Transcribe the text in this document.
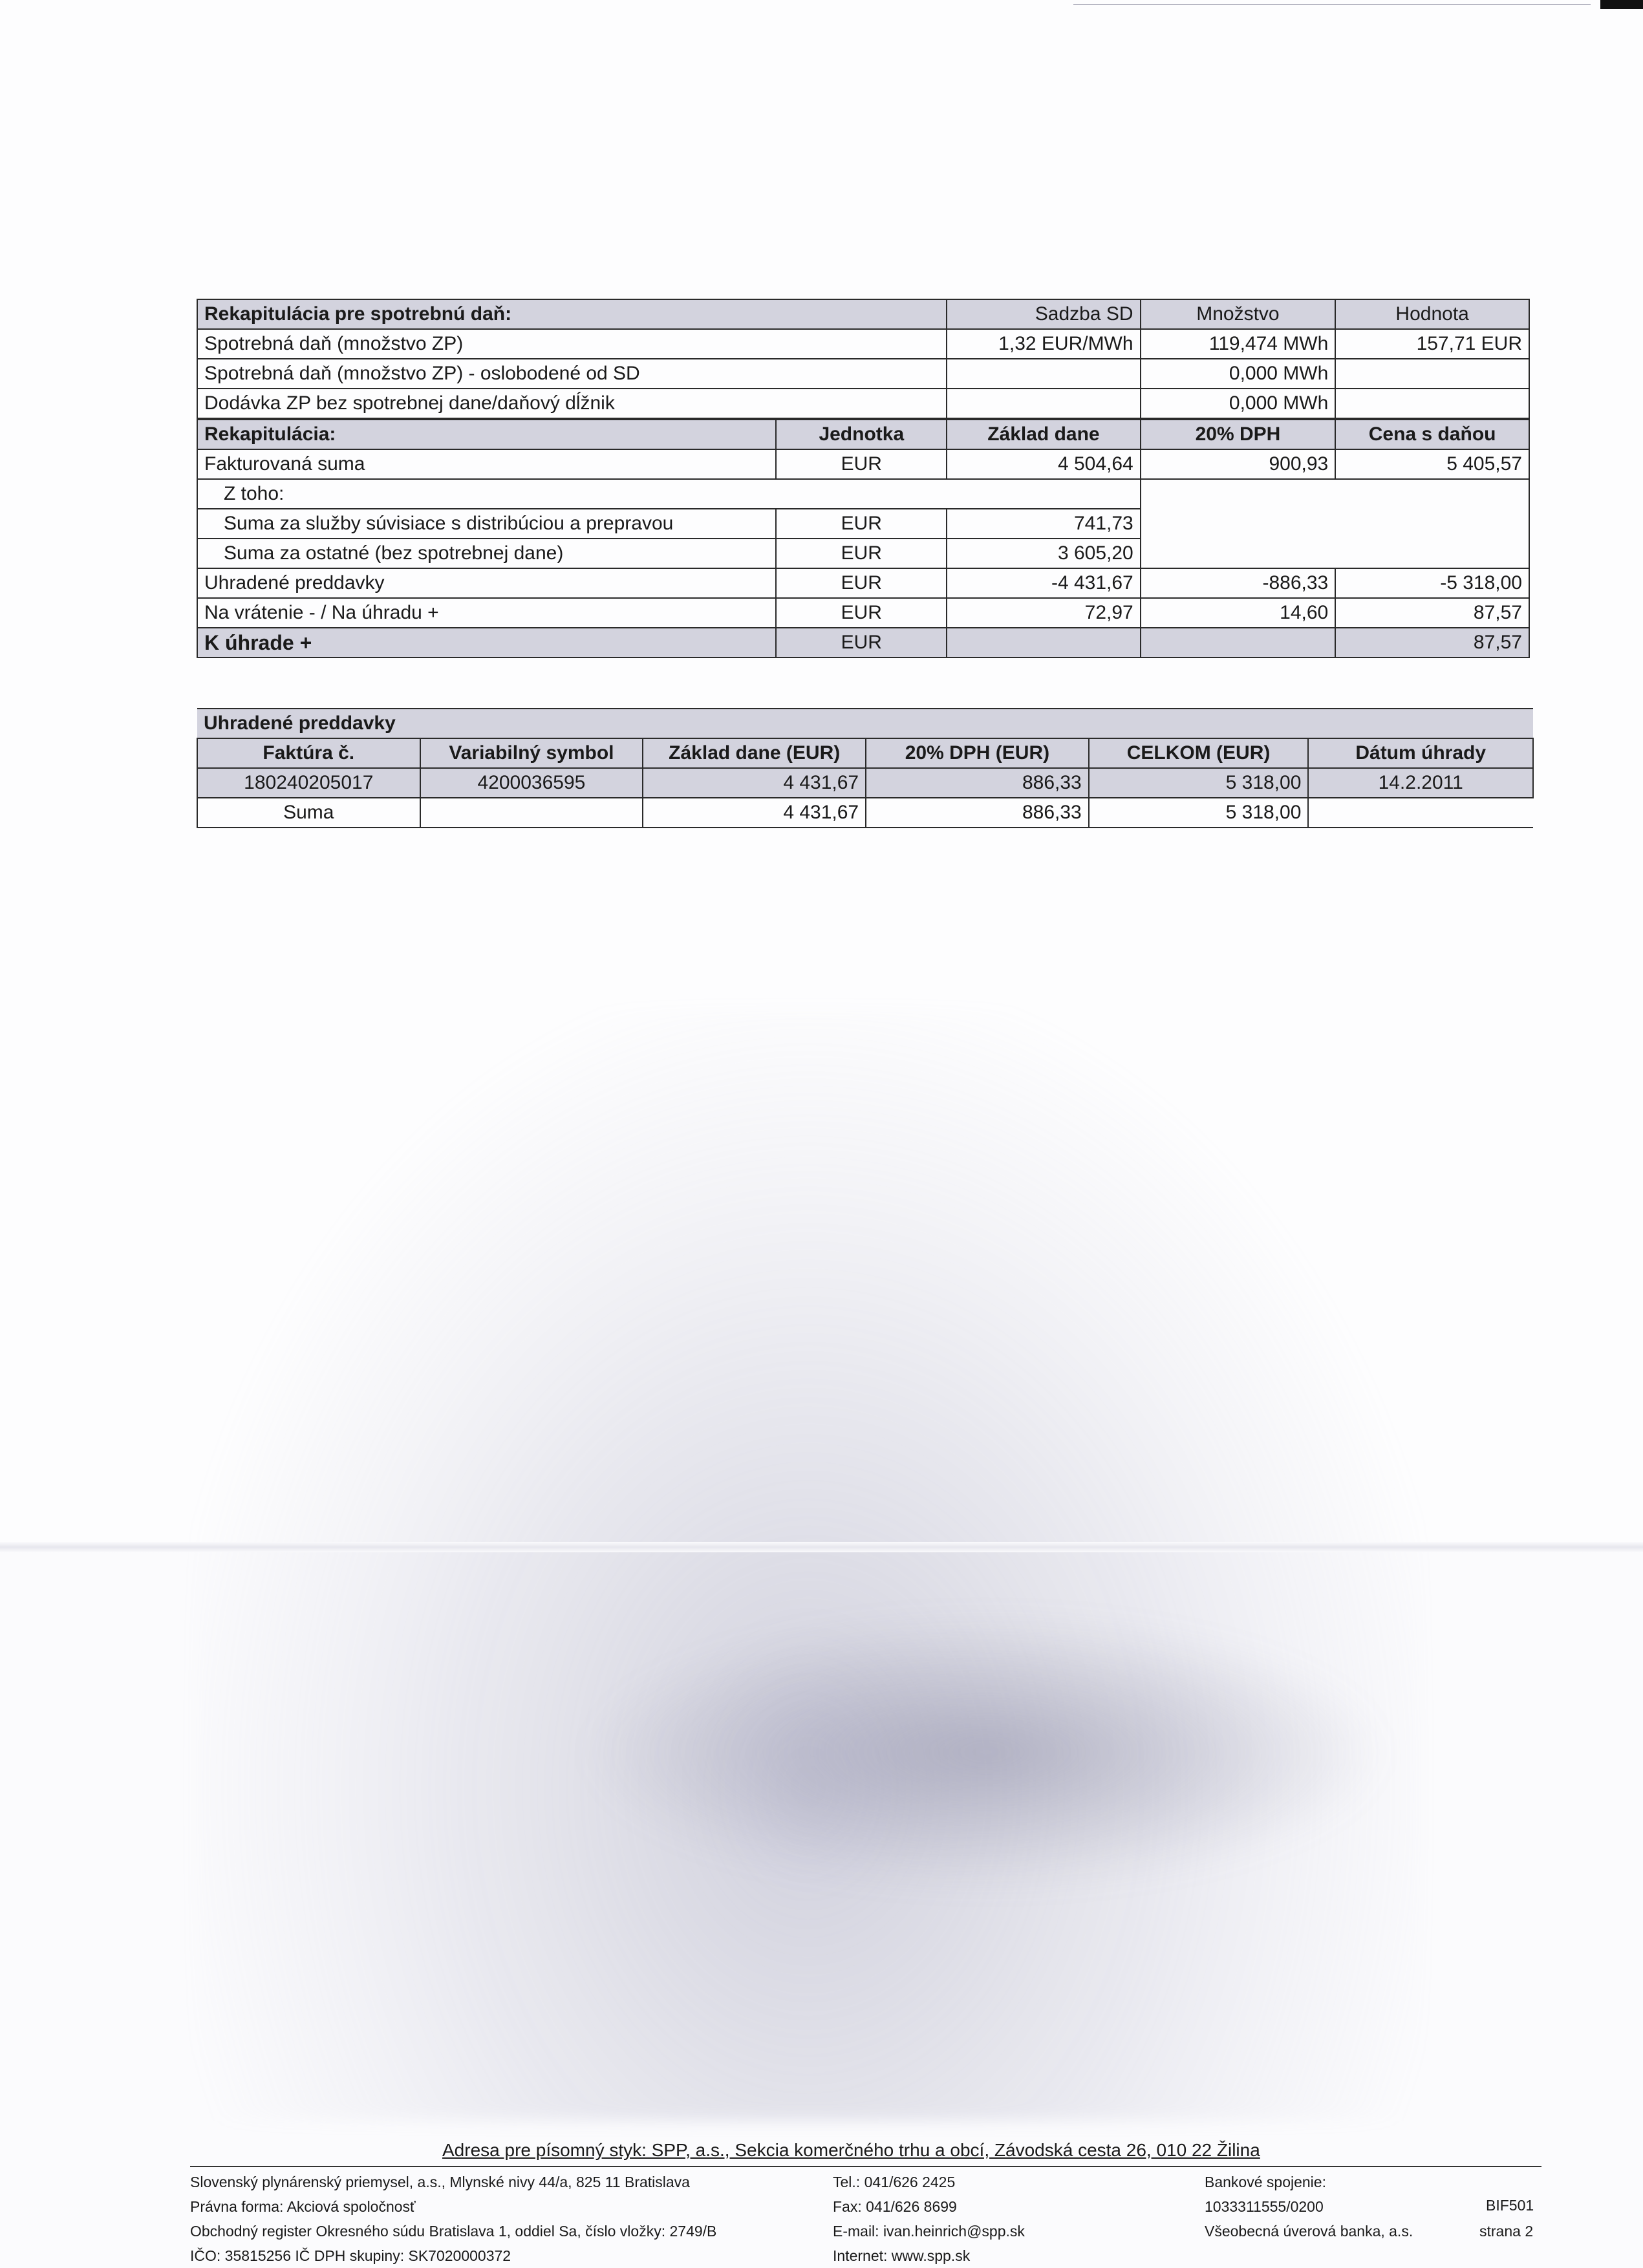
Rekapitulácia pre spotrebnú daň:	Sadzba SD	Množstvo	Hodnota
Spotrebná daň (množstvo ZP)	1,32 EUR/MWh	119,474 MWh	157,71 EUR
Spotrebná daň (množstvo ZP) - oslobodené od SD		0,000 MWh	
Dodávka ZP bez spotrebnej dane/daňový dĺžnik		0,000 MWh	
Rekapitulácia:	Jednotka	Základ dane	20% DPH	Cena s daňou
Fakturovaná suma	EUR	4 504,64	900,93	5 405,57
Z toho:				
Suma za služby súvisiace s distribúciou a prepravou	EUR	741,73		
Suma za ostatné (bez spotrebnej dane)	EUR	3 605,20		
Uhradené preddavky	EUR	-4 431,67	-886,33	-5 318,00
Na vrátenie - / Na úhradu +	EUR	72,97	14,60	87,57
K úhrade +	EUR			87,57
Uhradené preddavky					
Faktúra č.	Variabilný symbol	Základ dane (EUR)	20% DPH (EUR)	CELKOM (EUR)	Dátum úhrady
180240205017	4200036595	4 431,67	886,33	5 318,00	14.2.2011
Suma		4 431,67	886,33	5 318,00	
Adresa pre písomný styk: SPP, a.s., Sekcia komerčného trhu a obcí, Závodská cesta 26, 010 22 Žilina
Slovenský plynárenský priemysel, a.s., Mlynské nivy 44/a, 825 11 Bratislava
Právna forma: Akciová spoločnosť
Obchodný register Okresného súdu Bratislava 1, oddiel Sa, číslo vložky: 2749/B
IČO: 35815256 IČ DPH skupiny: SK7020000372
Tel.: 041/626 2425
Fax: 041/626 8699
E-mail: ivan.heinrich@spp.sk
Internet: www.spp.sk
Bankové spojenie:
1033311555/0200
Všeobecná úverová banka, a.s.
BIF501
strana 2
